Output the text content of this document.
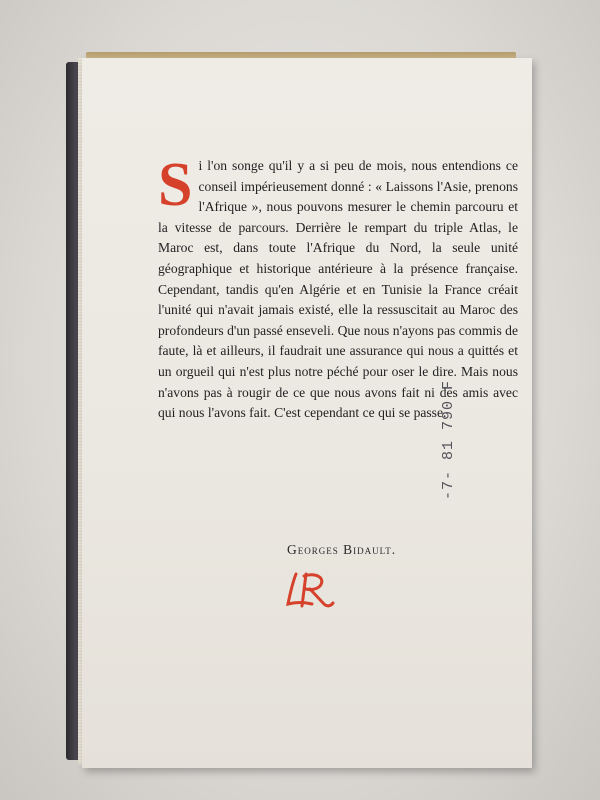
Si l'on songe qu'il y a si peu de mois, nous entendions ce conseil impérieusement donné : « Laissons l'Asie, prenons l'Afrique », nous pouvons mesurer le chemin parcouru et la vitesse de parcours. Derrière le rempart du triple Atlas, le Maroc est, dans toute l'Afrique du Nord, la seule unité géographique et historique antérieure à la présence française. Cependant, tandis qu'en Algérie et en Tunisie la France créait l'unité qui n'avait jamais existé, elle la ressuscitait au Maroc des profondeurs d'un passé enseveli. Que nous n'ayons pas commis de faute, là et ailleurs, il faudrait une assurance qui nous a quittés et un orgueil qui n'est plus notre péché pour oser le dire. Mais nous n'avons pas à rougir de ce que nous avons fait ni des amis avec qui nous l'avons fait. C'est cependant ce qui se passe.
Georges Bidault.
-7- 81 790 F
